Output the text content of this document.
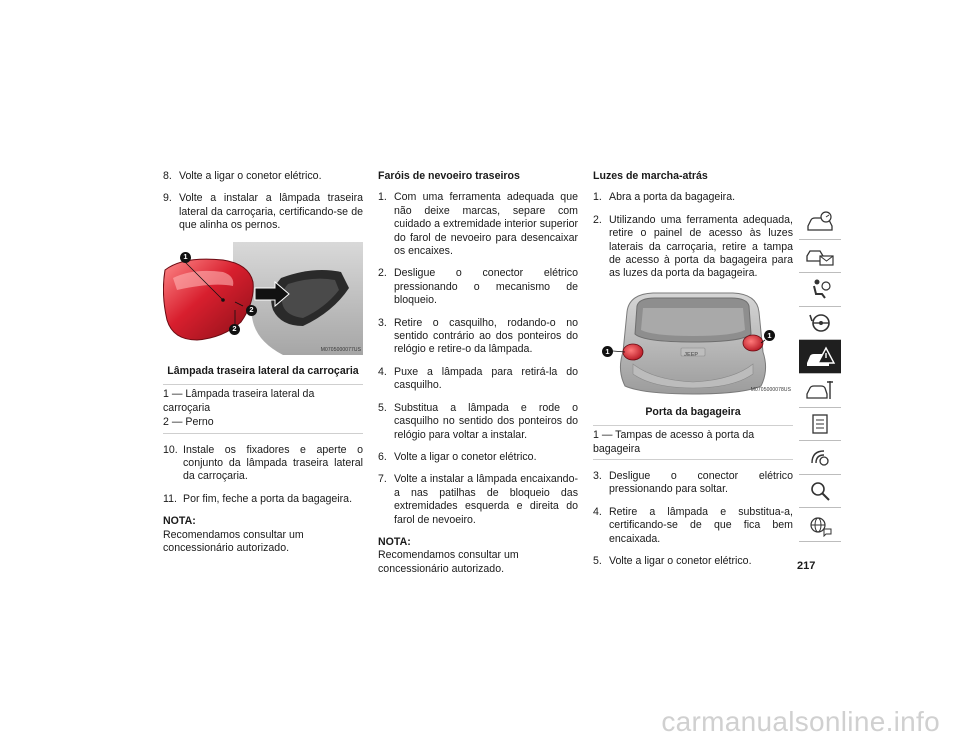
8. Volte a ligar o conetor elétrico.
9. Volte a instalar a lâmpada traseira lateral da carroçaria, certificando-se de que alinha os pernos.
1
2
2
M0705000077US
Lâmpada traseira lateral da carroçaria
1 — Lâmpada traseira lateral da carroçaria
2 — Perno
10. Instale os fixadores e aperte o conjunto da lâmpada traseira lateral da carroçaria.
11. Por fim, feche a porta da bagageira.
NOTA:
Recomendamos consultar um concessionário autorizado.
Faróis de nevoeiro traseiros
1. Com uma ferramenta adequada que não deixe marcas, separe com cuidado a extremidade interior superior do farol de nevoeiro para desencaixar os encaixes.
2. Desligue o conector elétrico pressionando o mecanismo de bloqueio.
3. Retire o casquilho, rodando-o no sentido contrário ao dos ponteiros do relógio e retire-o da lâmpada.
4. Puxe a lâmpada para retirá-la do casquilho.
5. Substitua a lâmpada e rode o casquilho no sentido dos ponteiros do relógio para voltar a instalar.
6. Volte a ligar o conetor elétrico.
7. Volte a instalar a lâmpada encaixando-a nas patilhas de bloqueio das extremidades esquerda e direita do farol de nevoeiro.
NOTA:
Recomendamos consultar um concessionário autorizado.
Luzes de marcha-atrás
1. Abra a porta da bagageira.
2. Utilizando uma ferramenta adequada, retire o painel de acesso às luzes laterais da carroçaria, retire a tampa de acesso à porta da bagageira para as luzes da porta da bagageira.
1
1
JEEP
M0705000078US
Porta da bagageira
1 — Tampas de acesso à porta da bagageira
3. Desligue o conector elétrico pressionando para soltar.
4. Retire a lâmpada e substitua-a, certificando-se de que fica bem encaixada.
5. Volte a ligar o conetor elétrico.	217
carmanualsonline.info
